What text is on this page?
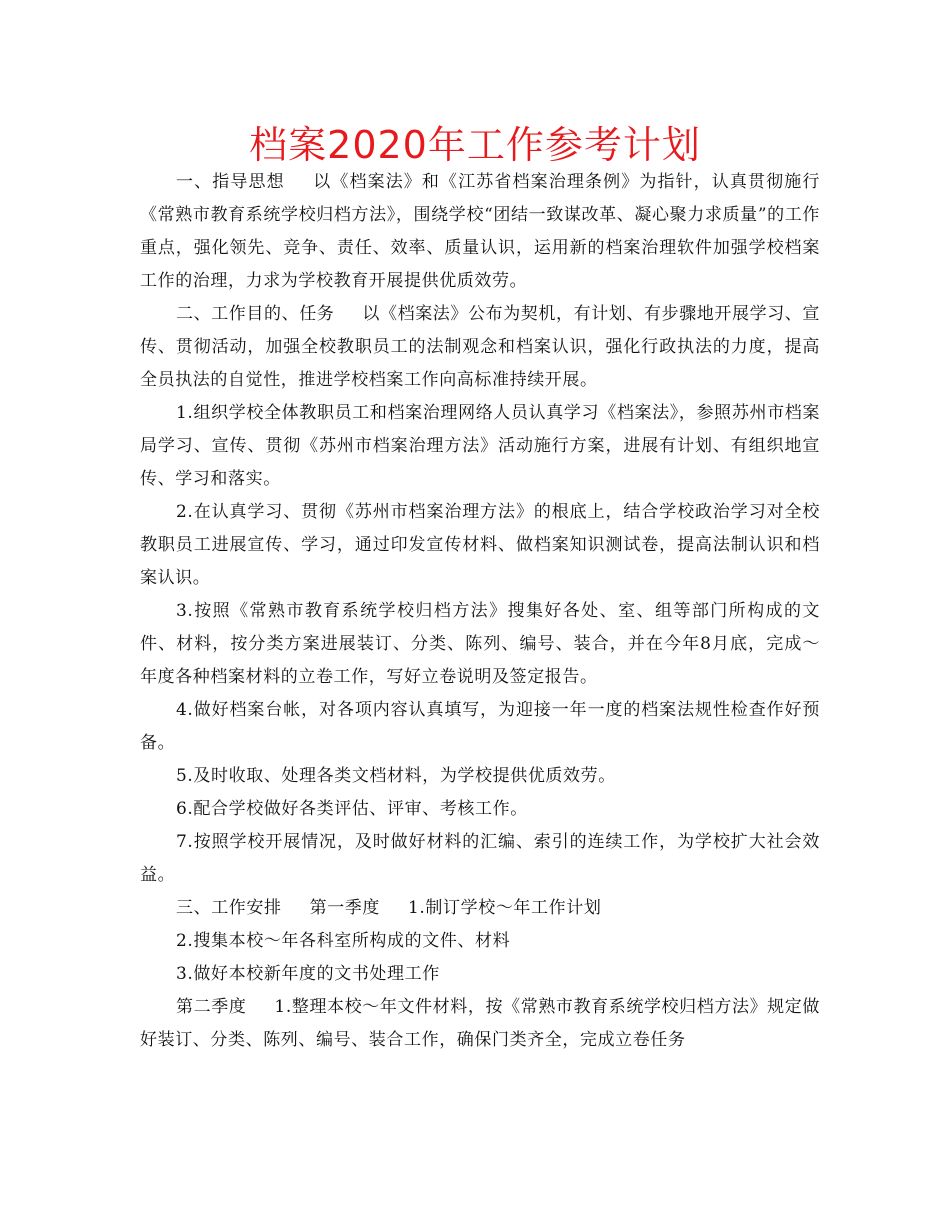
档案2020年工作参考计划

一、指导思想 以《档案法》和《江苏省档案治理条例》为指针，认真贯彻施行《常熟市教育系统学校归档方法》，围绕学校“团结一致谋改革、凝心聚力求质量”的工作重点，强化领先、竞争、责任、效率、质量认识，运用新的档案治理软件加强学校档案工作的治理，力求为学校教育开展提供优质效劳。

二、工作目的、任务 以《档案法》公布为契机，有计划、有步骤地开展学习、宣传、贯彻活动，加强全校教职员工的法制观念和档案认识，强化行政执法的力度，提高全员执法的自觉性，推进学校档案工作向高标准持续开展。

1.组织学校全体教职员工和档案治理网络人员认真学习《档案法》，参照苏州市档案局学习、宣传、贯彻《苏州市档案治理方法》活动施行方案，进展有计划、有组织地宣传、学习和落实。

2.在认真学习、贯彻《苏州市档案治理方法》的根底上，结合学校政治学习对全校教职员工进展宣传、学习，通过印发宣传材料、做档案知识测试卷，提高法制认识和档案认识。

3.按照《常熟市教育系统学校归档方法》搜集好各处、室、组等部门所构成的文件、材料，按分类方案进展装订、分类、陈列、编号、装合，并在今年8月底，完成～年度各种档案材料的立卷工作，写好立卷说明及签定报告。

4.做好档案台帐，对各项内容认真填写，为迎接一年一度的档案法规性检查作好预备。

5.及时收取、处理各类文档材料，为学校提供优质效劳。

6.配合学校做好各类评估、评审、考核工作。

7.按照学校开展情况，及时做好材料的汇编、索引的连续工作，为学校扩大社会效益。

三、工作安排 第一季度 1.制订学校～年工作计划

2.搜集本校～年各科室所构成的文件、材料

3.做好本校新年度的文书处理工作

第二季度 1.整理本校～年文件材料，按《常熟市教育系统学校归档方法》规定做好装订、分类、陈列、编号、装合工作，确保门类齐全，完成立卷任务
